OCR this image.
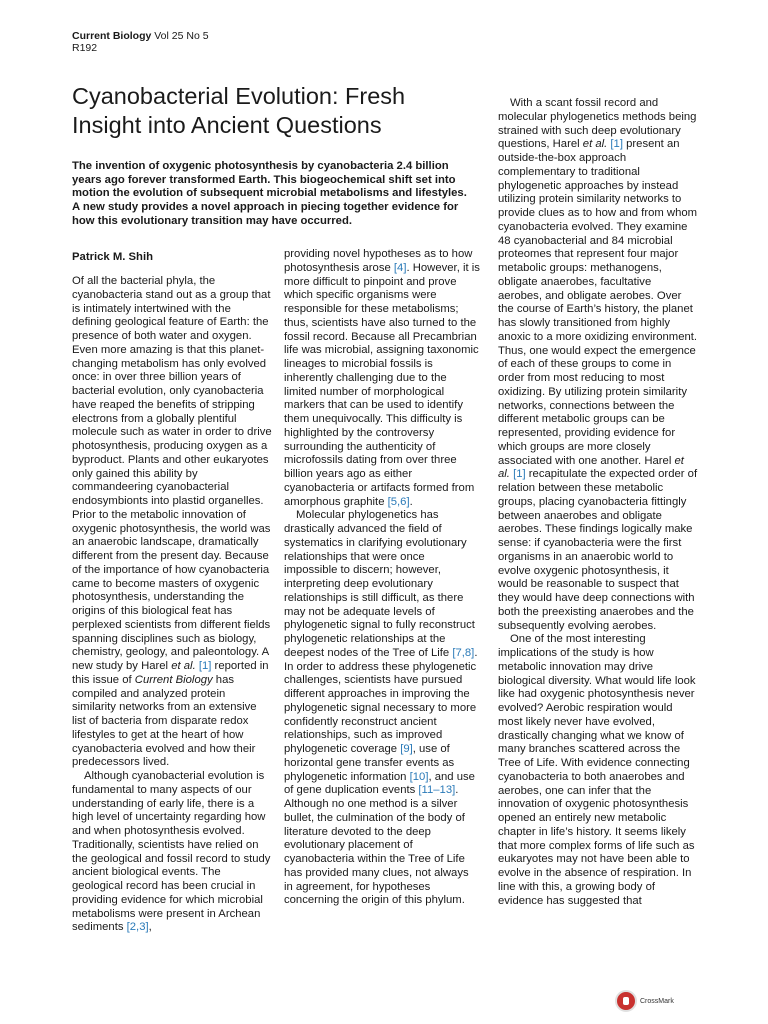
Current Biology Vol 25 No 5
R192
Cyanobacterial Evolution: Fresh Insight into Ancient Questions

The invention of oxygenic photosynthesis by cyanobacteria 2.4 billion years ago forever transformed Earth. This biogeochemical shift set into motion the evolution of subsequent microbial metabolisms and lifestyles. A new study provides a novel approach in piecing together evidence for how this evolutionary transition may have occurred.

Patrick M. Shih

Of all the bacterial phyla, the cyanobacteria stand out as a group that is intimately intertwined with the defining geological feature of Earth: the presence of both water and oxygen. Even more amazing is that this planet-changing metabolism has only evolved once: in over three billion years of bacterial evolution, only cyanobacteria have reaped the benefits of stripping electrons from a globally plentiful molecule such as water in order to drive photosynthesis, producing oxygen as a byproduct. Plants and other eukaryotes only gained this ability by commandeering cyanobacterial endosymbionts into plastid organelles. Prior to the metabolic innovation of oxygenic photosynthesis, the world was an anaerobic landscape, dramatically different from the present day. Because of the importance of how cyanobacteria came to become masters of oxygenic photosynthesis, understanding the origins of this biological feat has perplexed scientists from different fields spanning disciplines such as biology, chemistry, geology, and paleontology. A new study by Harel et al. [1] reported in this issue of Current Biology has compiled and analyzed protein similarity networks from an extensive list of bacteria from disparate redox lifestyles to get at the heart of how cyanobacteria evolved and how their predecessors lived.

Although cyanobacterial evolution is fundamental to many aspects of our understanding of early life, there is a high level of uncertainty regarding how and when photosynthesis evolved. Traditionally, scientists have relied on the geological and fossil record to study ancient biological events. The geological record has been crucial in providing evidence for which microbial metabolisms were present in Archean sediments [2,3],

providing novel hypotheses as to how photosynthesis arose [4]. However, it is more difficult to pinpoint and prove which specific organisms were responsible for these metabolisms; thus, scientists have also turned to the fossil record. Because all Precambrian life was microbial, assigning taxonomic lineages to microbial fossils is inherently challenging due to the limited number of morphological markers that can be used to identify them unequivocally. This difficulty is highlighted by the controversy surrounding the authenticity of microfossils dating from over three billion years ago as either cyanobacteria or artifacts formed from amorphous graphite [5,6].

Molecular phylogenetics has drastically advanced the field of systematics in clarifying evolutionary relationships that were once impossible to discern; however, interpreting deep evolutionary relationships is still difficult, as there may not be adequate levels of phylogenetic signal to fully reconstruct phylogenetic relationships at the deepest nodes of the Tree of Life [7,8]. In order to address these phylogenetic challenges, scientists have pursued different approaches in improving the phylogenetic signal necessary to more confidently reconstruct ancient relationships, such as improved phylogenetic coverage [9], use of horizontal gene transfer events as phylogenetic information [10], and use of gene duplication events [11–13]. Although no one method is a silver bullet, the culmination of the body of literature devoted to the deep evolutionary placement of cyanobacteria within the Tree of Life has provided many clues, not always in agreement, for hypotheses concerning the origin of this phylum.

With a scant fossil record and molecular phylogenetics methods being strained with such deep evolutionary questions, Harel et al. [1] present an outside-the-box approach complementary to traditional phylogenetic approaches by instead utilizing protein similarity networks to provide clues as to how and from whom cyanobacteria evolved. They examine 48 cyanobacterial and 84 microbial proteomes that represent four major metabolic groups: methanogens, obligate anaerobes, facultative aerobes, and obligate aerobes. Over the course of Earth’s history, the planet has slowly transitioned from highly anoxic to a more oxidizing environment. Thus, one would expect the emergence of each of these groups to come in order from most reducing to most oxidizing. By utilizing protein similarity networks, connections between the different metabolic groups can be represented, providing evidence for which groups are more closely associated with one another. Harel et al. [1] recapitulate the expected order of relation between these metabolic groups, placing cyanobacteria fittingly between anaerobes and obligate aerobes. These findings logically make sense: if cyanobacteria were the first organisms in an anaerobic world to evolve oxygenic photosynthesis, it would be reasonable to suspect that they would have deep connections with both the preexisting anaerobes and the subsequently evolving aerobes.

One of the most interesting implications of the study is how metabolic innovation may drive biological diversity. What would life look like had oxygenic photosynthesis never evolved? Aerobic respiration would most likely never have evolved, drastically changing what we know of many branches scattered across the Tree of Life. With evidence connecting cyanobacteria to both anaerobes and aerobes, one can infer that the innovation of oxygenic photosynthesis opened an entirely new metabolic chapter in life’s history. It seems likely that more complex forms of life such as eukaryotes may not have been able to evolve in the absence of respiration. In line with this, a growing body of evidence has suggested that

CrossMark
